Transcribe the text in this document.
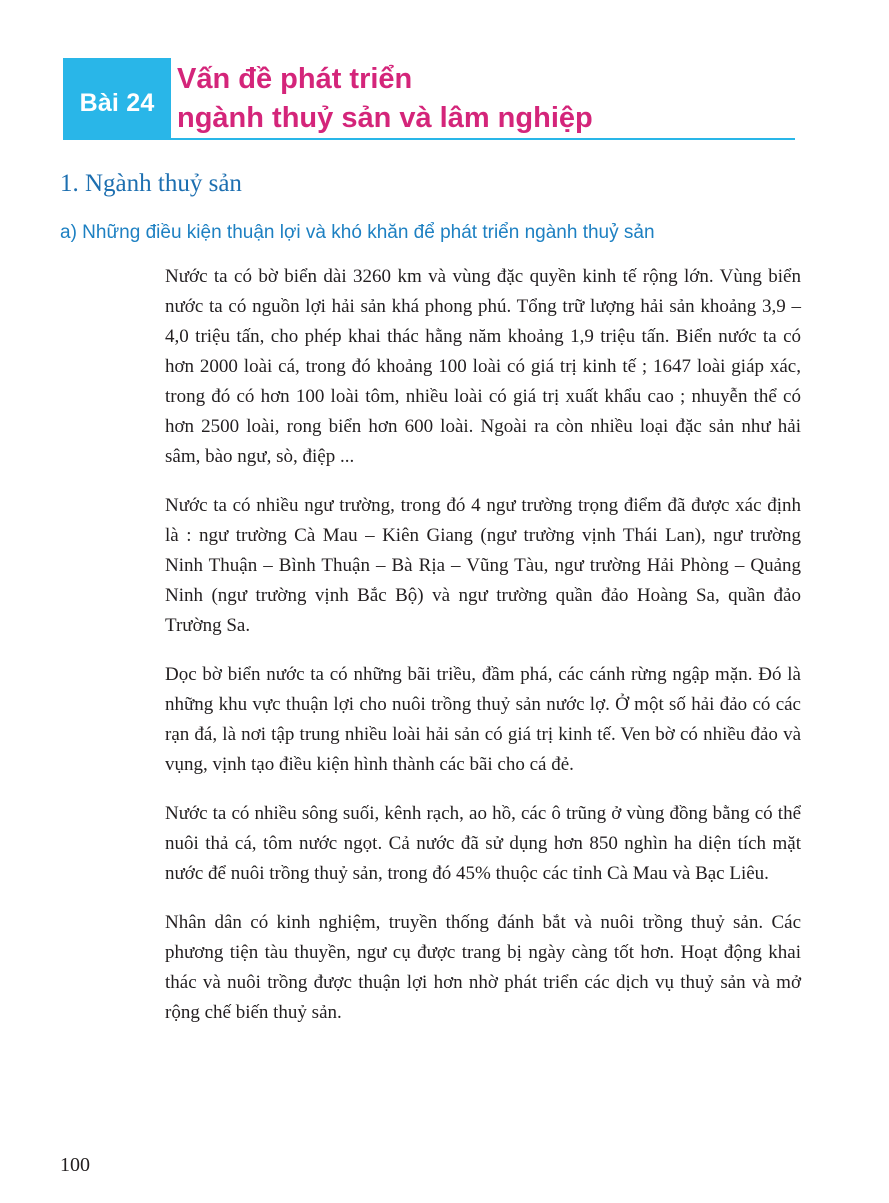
Bài 24
Vấn đề phát triển
ngành thuỷ sản và lâm nghiệp
1. Ngành thuỷ sản
a) Những điều kiện thuận lợi và khó khăn để phát triển ngành thuỷ sản

Nước ta có bờ biển dài 3260 km và vùng đặc quyền kinh tế rộng lớn. Vùng biển nước ta có nguồn lợi hải sản khá phong phú. Tổng trữ lượng hải sản khoảng 3,9 – 4,0 triệu tấn, cho phép khai thác hằng năm khoảng 1,9 triệu tấn. Biển nước ta có hơn 2000 loài cá, trong đó khoảng 100 loài có giá trị kinh tế ; 1647 loài giáp xác, trong đó có hơn 100 loài tôm, nhiều loài có giá trị xuất khẩu cao ; nhuyễn thể có hơn 2500 loài, rong biển hơn 600 loài. Ngoài ra còn nhiều loại đặc sản như hải sâm, bào ngư, sò, điệp ...

Nước ta có nhiều ngư trường, trong đó 4 ngư trường trọng điểm đã được xác định là : ngư trường Cà Mau – Kiên Giang (ngư trường vịnh Thái Lan), ngư trường Ninh Thuận – Bình Thuận – Bà Rịa – Vũng Tàu, ngư trường Hải Phòng – Quảng Ninh (ngư trường vịnh Bắc Bộ) và ngư trường quần đảo Hoàng Sa, quần đảo Trường Sa.

Dọc bờ biển nước ta có những bãi triều, đầm phá, các cánh rừng ngập mặn. Đó là những khu vực thuận lợi cho nuôi trồng thuỷ sản nước lợ. Ở một số hải đảo có các rạn đá, là nơi tập trung nhiều loài hải sản có giá trị kinh tế. Ven bờ có nhiều đảo và vụng, vịnh tạo điều kiện hình thành các bãi cho cá đẻ.

Nước ta có nhiều sông suối, kênh rạch, ao hồ, các ô trũng ở vùng đồng bằng có thể nuôi thả cá, tôm nước ngọt. Cả nước đã sử dụng hơn 850 nghìn ha diện tích mặt nước để nuôi trồng thuỷ sản, trong đó 45% thuộc các tỉnh Cà Mau và Bạc Liêu.

Nhân dân có kinh nghiệm, truyền thống đánh bắt và nuôi trồng thuỷ sản. Các phương tiện tàu thuyền, ngư cụ được trang bị ngày càng tốt hơn. Hoạt động khai thác và nuôi trồng được thuận lợi hơn nhờ phát triển các dịch vụ thuỷ sản và mở rộng chế biến thuỷ sản.

100
